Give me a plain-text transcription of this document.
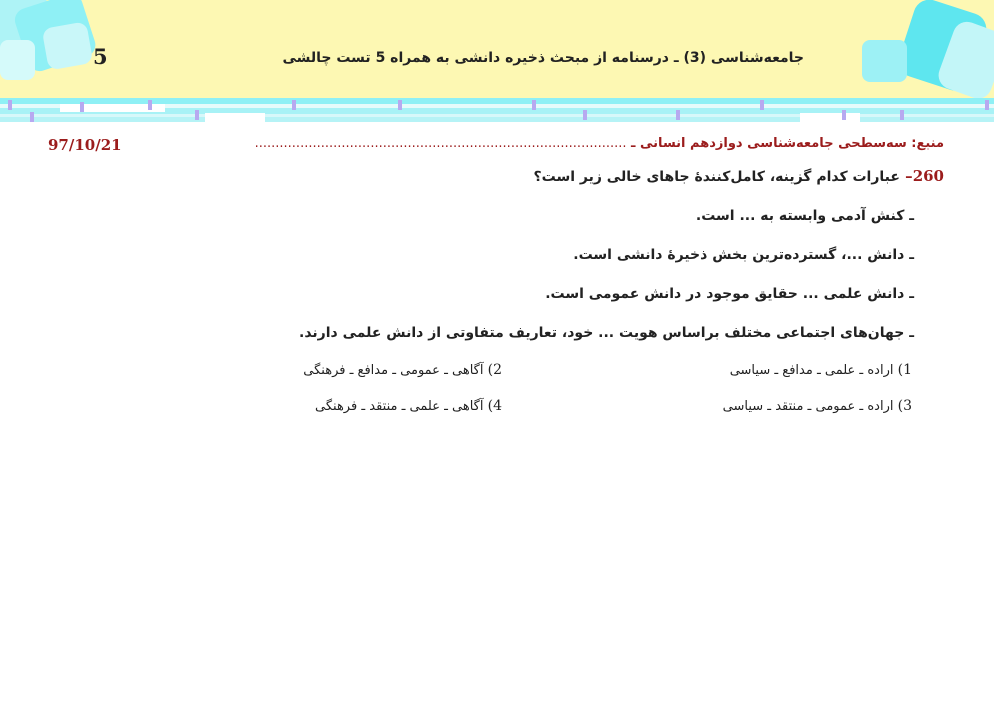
5	جامعه‌شناسی (3) ـ درسنامه از مبحث ذخیره دانشی به همراه 5 تست چالشی
منبع: سه‌سطحی جامعه‌شناسی دوازدهم انسانی ـ ..........................................................................................
97/10/21
260– عبارات کدام گزینه، کامل‌کنندۀ جاهای خالی زیر است؟
ـ کنش آدمی وابسته به ... است.
ـ دانش ...، گسترده‌ترین بخش ذخیرۀ دانشی است.
ـ دانش علمی ... حقایق موجود در دانش عمومی است.
ـ جهان‌های اجتماعی مختلف براساس هویت ... خود، تعاریف متفاوتی از دانش علمی دارند.
1) اراده ـ علمی ـ مدافع ـ سیاسی
2) آگاهی ـ عمومی ـ مدافع ـ فرهنگی
3) اراده ـ عمومی ـ منتقد ـ سیاسی
4) آگاهی ـ علمی ـ منتقد ـ فرهنگی
